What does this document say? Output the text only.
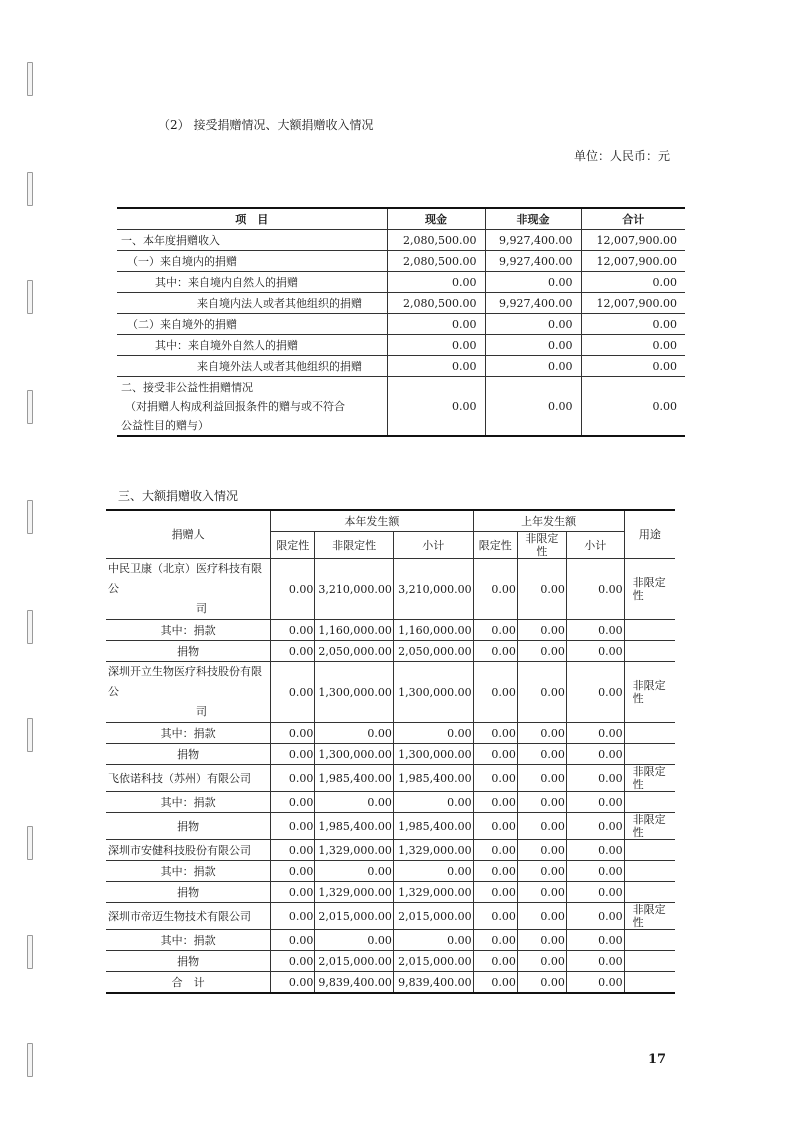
（2） 接受捐赠情况、大额捐赠收入情况
单位：人民币：元
项　目	现金	非现金	合计
一、本年度捐赠收入	2,080,500.00	9,927,400.00	12,007,900.00
（一）来自境内的捐赠	2,080,500.00	9,927,400.00	12,007,900.00
其中：来自境内自然人的捐赠	0.00	0.00	0.00
来自境内法人或者其他组织的捐赠	2,080,500.00	9,927,400.00	12,007,900.00
（二）来自境外的捐赠	0.00	0.00	0.00
其中：来自境外自然人的捐赠	0.00	0.00	0.00
来自境外法人或者其他组织的捐赠	0.00	0.00	0.00

二、接受非公益性捐赠情况
（对捐赠人构成利益回报条件的赠与或不符合
公益性目的赠与）	0.00	0.00	0.00
三、大额捐赠收入情况
捐赠人	本年发生额			上年发生额			用途
	限定性	非限定性	小计	限定性	非限定性	小计	

中民卫康（北京）医疗科技有限公
司	0.00	3,210,000.00	3,210,000.00	0.00	0.00	0.00	非限定性
其中：捐款	0.00	1,160,000.00	1,160,000.00	0.00	0.00	0.00	
捐物	0.00	2,050,000.00	2,050,000.00	0.00	0.00	0.00	

深圳开立生物医疗科技股份有限公
司	0.00	1,300,000.00	1,300,000.00	0.00	0.00	0.00	非限定性
其中：捐款	0.00	0.00	0.00	0.00	0.00	0.00	
捐物	0.00	1,300,000.00	1,300,000.00	0.00	0.00	0.00	
飞依诺科技（苏州）有限公司	0.00	1,985,400.00	1,985,400.00	0.00	0.00	0.00	非限定性
其中：捐款	0.00	0.00	0.00	0.00	0.00	0.00	
捐物	0.00	1,985,400.00	1,985,400.00	0.00	0.00	0.00	非限定性
深圳市安健科技股份有限公司	0.00	1,329,000.00	1,329,000.00	0.00	0.00	0.00	
其中：捐款	0.00	0.00	0.00	0.00	0.00	0.00	
捐物	0.00	1,329,000.00	1,329,000.00	0.00	0.00	0.00	
深圳市帝迈生物技术有限公司	0.00	2,015,000.00	2,015,000.00	0.00	0.00	0.00	非限定性
其中：捐款	0.00	0.00	0.00	0.00	0.00	0.00	
捐物	0.00	2,015,000.00	2,015,000.00	0.00	0.00	0.00	
合　计	0.00	9,839,400.00	9,839,400.00	0.00	0.00	0.00	
17
